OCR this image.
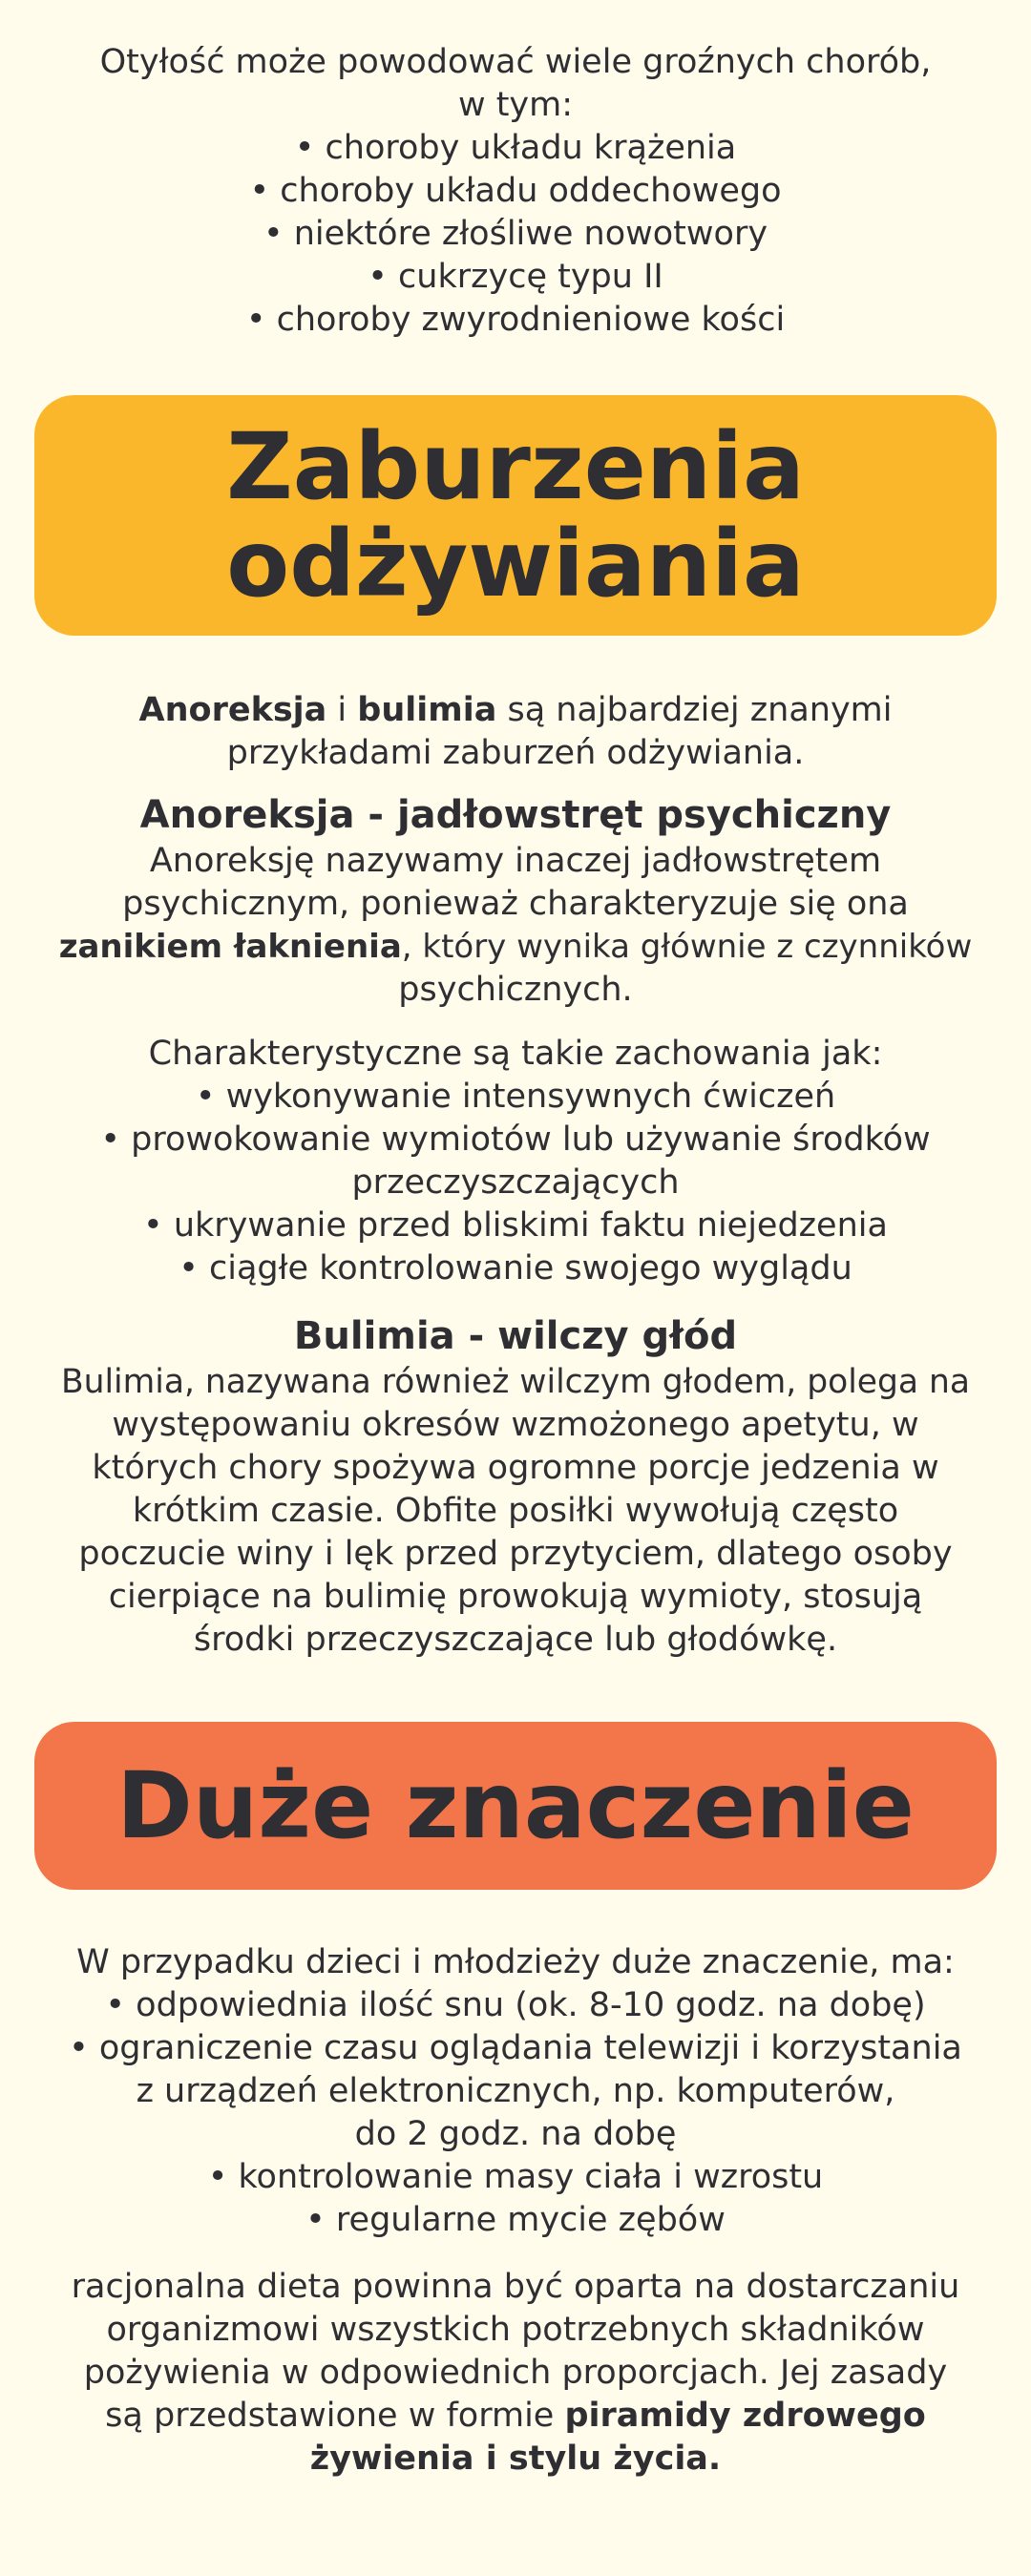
Otyłość może powodować wiele groźnych chorób,
w tym:
• choroby układu krążenia
• choroby układu oddechowego
• niektóre złośliwe nowotwory
• cukrzycę typu II
• choroby zwyrodnieniowe kości

Zaburzenia
odżywiania

Anoreksja i bulimia są najbardziej znanymi
przykładami zaburzeń odżywiania.

Anoreksja - jadłowstręt psychiczny

Anoreksję nazywamy inaczej jadłowstrętem
psychicznym, ponieważ charakteryzuje się ona
zanikiem łaknienia, który wynika głównie z czynników
psychicznych.

Charakterystyczne są takie zachowania jak:
• wykonywanie intensywnych ćwiczeń
• prowokowanie wymiotów lub używanie środków
przeczyszczających
• ukrywanie przed bliskimi faktu niejedzenia
• ciągłe kontrolowanie swojego wyglądu

Bulimia - wilczy głód

Bulimia, nazywana również wilczym głodem, polega na
występowaniu okresów wzmożonego apetytu, w
których chory spożywa ogromne porcje jedzenia w
krótkim czasie. Obfite posiłki wywołują często
poczucie winy i lęk przed przytyciem, dlatego osoby
cierpiące na bulimię prowokują wymioty, stosują
środki przeczyszczające lub głodówkę.

Duże znaczenie

W przypadku dzieci i młodzieży duże znaczenie, ma:
• odpowiednia ilość snu (ok. 8-10 godz. na dobę)
• ograniczenie czasu oglądania telewizji i korzystania
z urządzeń elektronicznych, np. komputerów,
do 2 godz. na dobę
• kontrolowanie masy ciała i wzrostu
• regularne mycie zębów

racjonalna dieta powinna być oparta na dostarczaniu
organizmowi wszystkich potrzebnych składników
pożywienia w odpowiednich proporcjach. Jej zasady
są przedstawione w formie piramidy zdrowego
żywienia i stylu życia.
